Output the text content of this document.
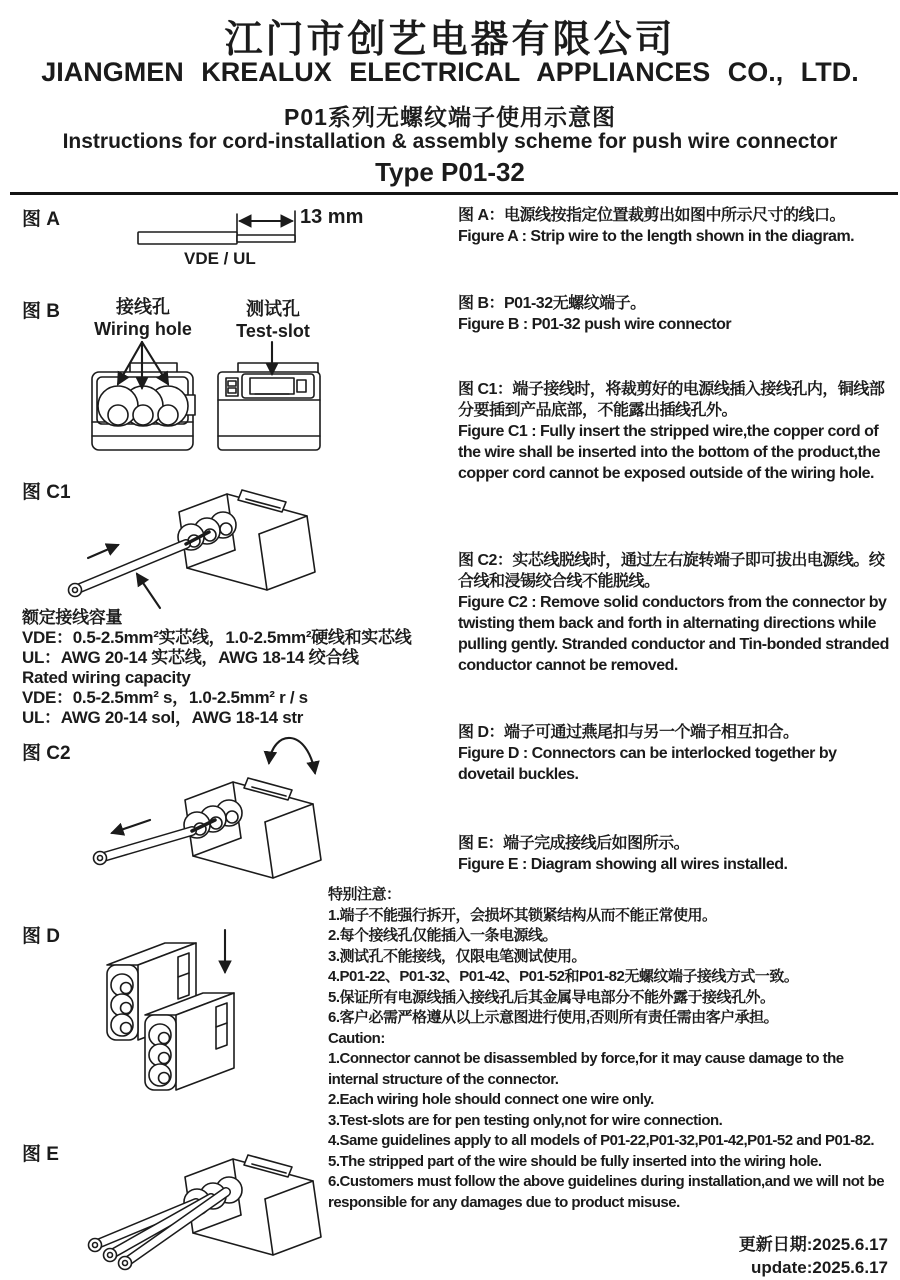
江门市创艺电器有限公司
JIANGMEN KREALUX ELECTRICAL APPLIANCES CO., LTD.
P01系列无螺纹端子使用示意图
Instructions for cord-installation & assembly scheme for push wire connector
Type P01-32
图 A
图 B
图 C1
图 C2
图 D
图 E
13 mm
VDE / UL
接线孔
Wiring hole
测试孔
Test-slot
额定接线容量
VDE：0.5-2.5mm²实芯线，1.0-2.5mm²硬线和实芯线
UL：AWG 20-14 实芯线，AWG 18-14 绞合线
Rated wiring capacity
VDE：0.5-2.5mm² s，1.0-2.5mm² r / s
UL：AWG 20-14 sol，AWG 18-14 str
图 A：电源线按指定位置裁剪出如图中所示尺寸的线口。
Figure A : Strip wire to the length shown in the diagram.
图 B：P01-32无螺纹端子。
Figure B : P01-32 push wire connector
图 C1：端子接线时，将裁剪好的电源线插入接线孔内，铜线部分要插到产品底部，不能露出插线孔外。
Figure C1 : Fully insert the stripped wire,the copper cord of the wire shall be inserted into the bottom of the product,the copper cord cannot be exposed outside of the wiring hole.
图 C2：实芯线脱线时，通过左右旋转端子即可拔出电源线。绞合线和浸锡绞合线不能脱线。
Figure C2 : Remove solid conductors from the connector by twisting them back and forth in alternating directions while pulling gently. Stranded conductor and Tin-bonded stranded conductor cannot be removed.
图 D：端子可通过燕尾扣与另一个端子相互扣合。
Figure D : Connectors can be interlocked together by dovetail buckles.
图 E：端子完成接线后如图所示。
Figure E : Diagram showing all wires installed.
特别注意：
1.端子不能强行拆开，会损坏其锁紧结构从而不能正常使用。
2.每个接线孔仅能插入一条电源线。
3.测试孔不能接线，仅限电笔测试使用。
4.P01-22、P01-32、P01-42、P01-52和P01-82无螺纹端子接线方式一致。
5.保证所有电源线插入接线孔后其金属导电部分不能外露于接线孔外。
6.客户必需严格遵从以上示意图进行使用,否则所有责任需由客户承担。
Caution:
1.Connector cannot be disassembled by force,for it may cause damage to the internal structure of the connector.
2.Each wiring hole should connect one wire only.
3.Test-slots are for pen testing only,not for wire connection.
4.Same guidelines apply to all models of P01-22,P01-32,P01-42,P01-52 and P01-82.
5.The stripped part of the wire should be fully inserted into the wiring hole.
6.Customers must follow the above guidelines during installation,and we will not be responsible for any damages due to product misuse.
更新日期:2025.6.17
update:2025.6.17
